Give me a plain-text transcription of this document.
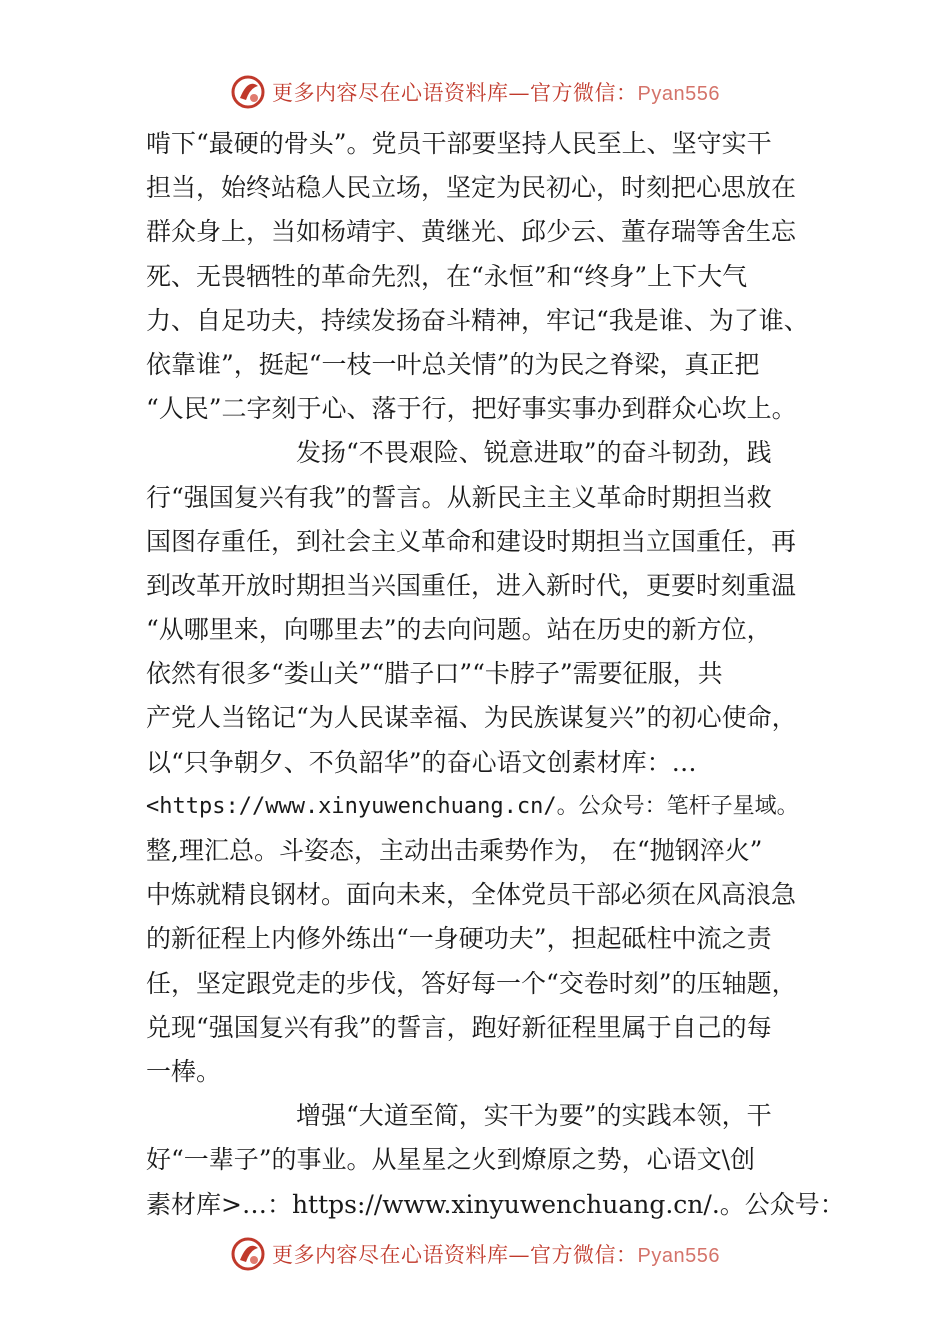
更多内容尽在心语资料库—官方微信：Pyan556
啃下“最硬的骨头”。党员干部要坚持人民至上、坚守实干
担当，始终站稳人民立场，坚定为民初心，时刻把心思放在
群众身上，当如杨靖宇、黄继光、邱少云、董存瑞等舍生忘
死、无畏牺牲的革命先烈，在“永恒”和“终身”上下大气
力、自足功夫，持续发扬奋斗精神，牢记“我是谁、为了谁、
依靠谁”，挺起“一枝一叶总关情”的为民之脊梁，真正把
“人民”二字刻于心、落于行，把好事实事办到群众心坎上。
发扬“不畏艰险、锐意进取”的奋斗韧劲，践
行“强国复兴有我”的誓言。从新民主主义革命时期担当救
国图存重任，到社会主义革命和建设时期担当立国重任，再
到改革开放时期担当兴国重任，进入新时代，更要时刻重温
“从哪里来，向哪里去”的去向问题。站在历史的新方位，
依然有很多“娄山关”“腊子口”“卡脖子”需要征服，共
产党人当铭记“为人民谋幸福、为民族谋复兴”的初心使命，
以“只争朝夕、不负韶华”的奋心语文创素材库：…
<https://www.xinyuwenchuang.cn/。公众号：笔杆子星域。
整,理汇总。斗姿态，主动出击乘势作为， 在“抛钢淬火”
中炼就精良钢材。面向未来，全体党员干部必须在风高浪急
的新征程上内修外练出“一身硬功夫”，担起砥柱中流之责
任，坚定跟党走的步伐，答好每一个“交卷时刻”的压轴题，
兑现“强国复兴有我”的誓言，跑好新征程里属于自己的每
一棒。
增强“大道至简，实干为要”的实践本领，干
好“一辈子”的事业。从星星之火到燎原之势，心语文\创
素材库>…：https://www.xinyuwenchuang.cn/.。公众号：
更多内容尽在心语资料库—官方微信：Pyan556
